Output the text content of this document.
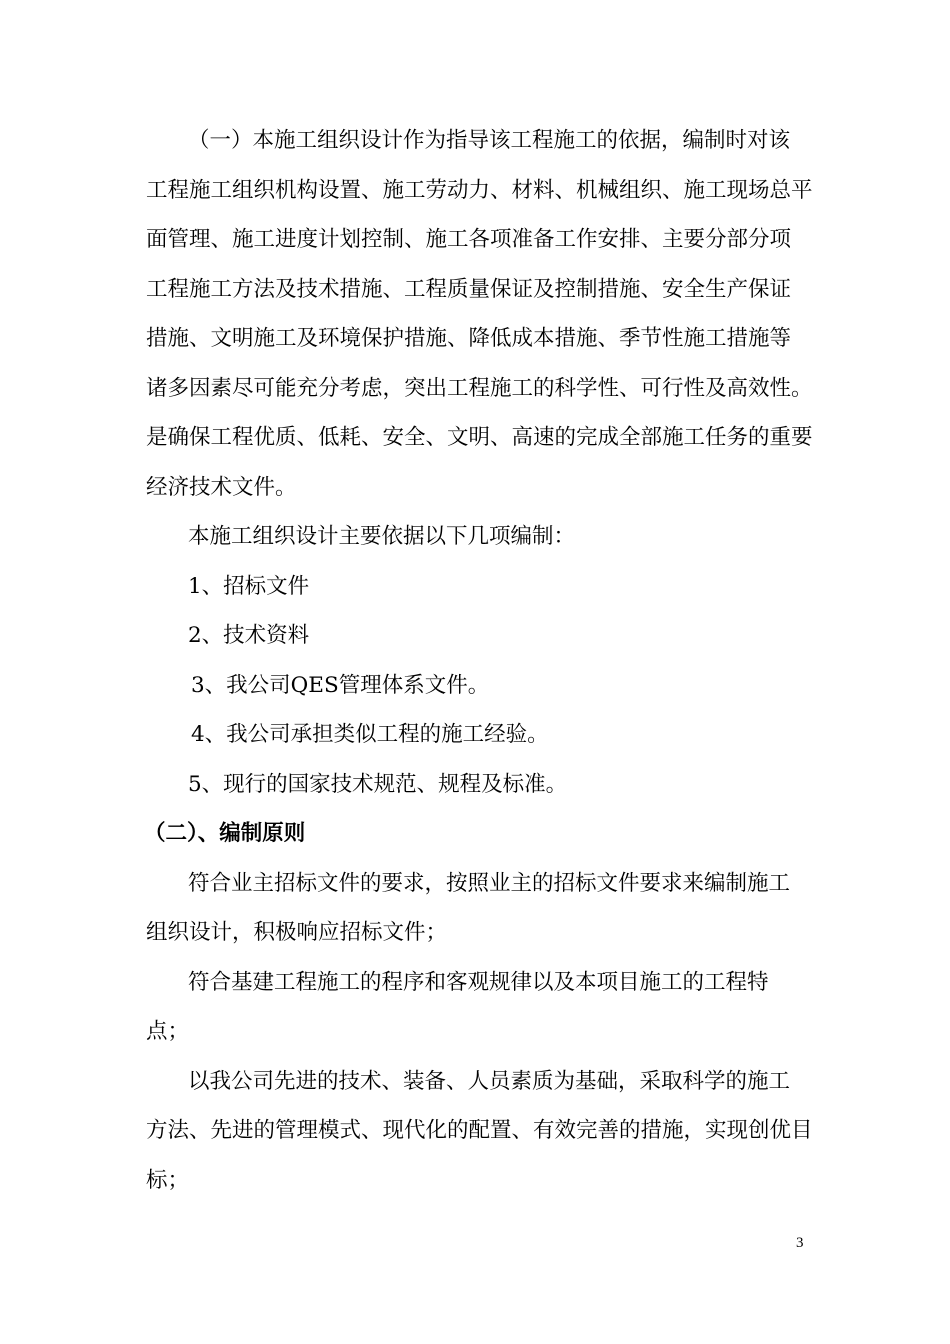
（一）本施工组织设计作为指导该工程施工的依据，编制时对该
工程施工组织机构设置、施工劳动力、材料、机械组织、施工现场总平
面管理、施工进度计划控制、施工各项准备工作安排、主要分部分项
工程施工方法及技术措施、工程质量保证及控制措施、安全生产保证
措施、文明施工及环境保护措施、降低成本措施、季节性施工措施等
诸多因素尽可能充分考虑，突出工程施工的科学性、可行性及高效性。
是确保工程优质、低耗、安全、文明、高速的完成全部施工任务的重要
经济技术文件。
本施工组织设计主要依据以下几项编制：
1、招标文件
2、技术资料
3、我公司QES管理体系文件。
4、我公司承担类似工程的施工经验。
5、现行的国家技术规范、规程及标准。
（二）、编制原则
符合业主招标文件的要求，按照业主的招标文件要求来编制施工
组织设计，积极响应招标文件；
符合基建工程施工的程序和客观规律以及本项目施工的工程特
点；
以我公司先进的技术、装备、人员素质为基础，采取科学的施工
方法、先进的管理模式、现代化的配置、有效完善的措施，实现创优目
标；
3
